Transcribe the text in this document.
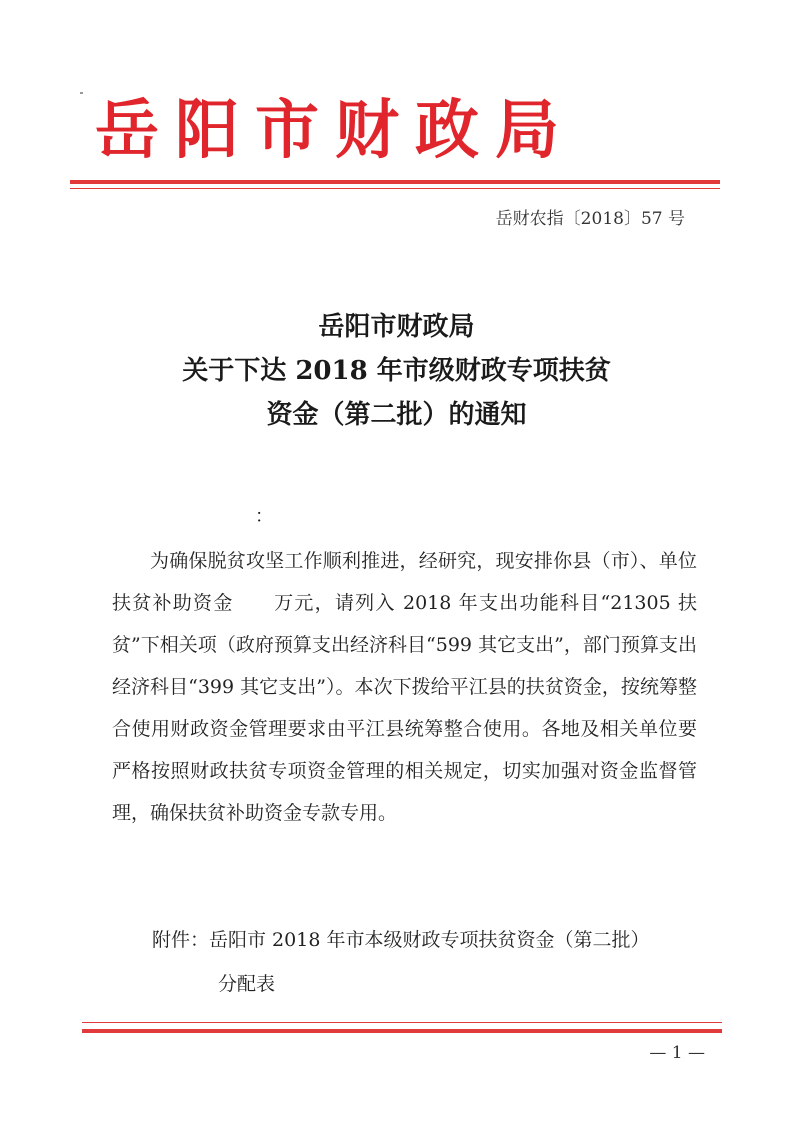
岳阳市财政局
岳财农指〔2018〕57 号
岳阳市财政局
关于下达 2018 年市级财政专项扶贫
资金（第二批）的通知
：

为确保脱贫攻坚工作顺利推进，经研究，现安排你县（市）、单位扶贫补助资金　　万元，请列入 2018 年支出功能科目“21305 扶贫”下相关项（政府预算支出经济科目“599 其它支出”，部门预算支出经济科目“399 其它支出”）。本次下拨给平江县的扶贫资金，按统筹整合使用财政资金管理要求由平江县统筹整合使用。各地及相关单位要严格按照财政扶贫专项资金管理的相关规定，切实加强对资金监督管理，确保扶贫补助资金专款专用。

附件：岳阳市 2018 年市本级财政专项扶贫资金（第二批）
分配表
— 1 —
